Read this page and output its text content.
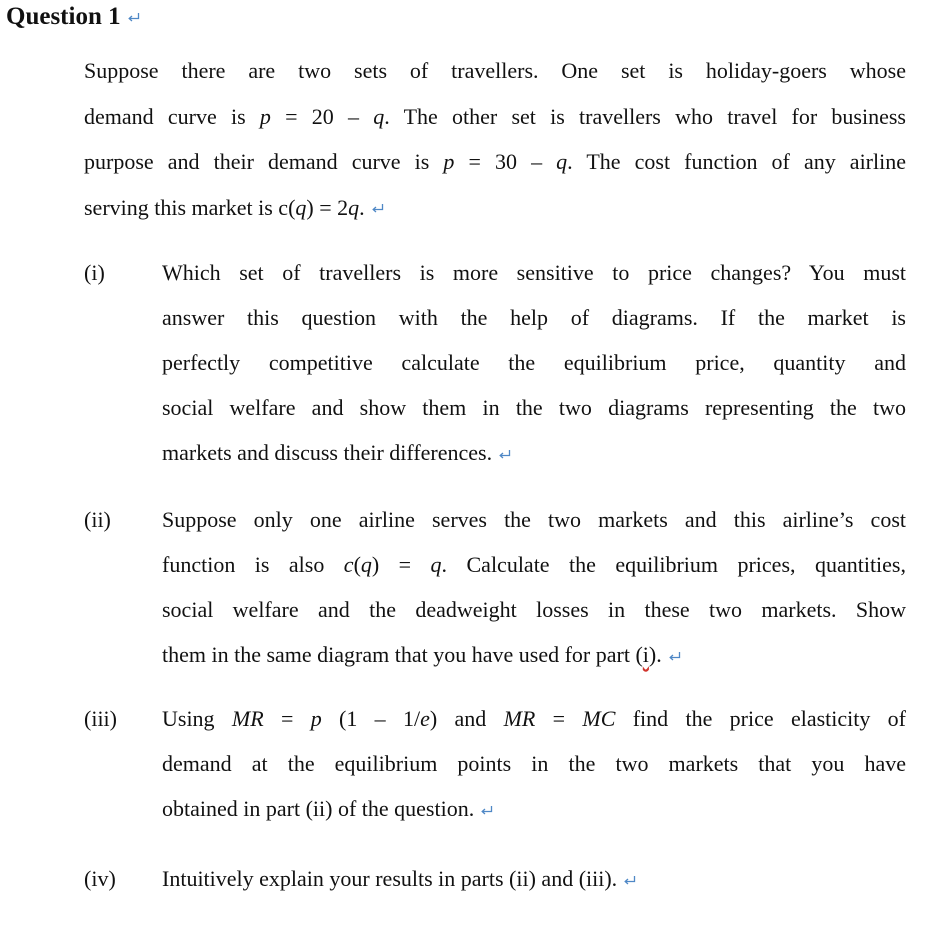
Question 1
Suppose there are two sets of travellers. One set is holiday-goers whose
demand curve is p = 20 – q. The other set is travellers who travel for business
purpose and their demand curve is p = 30 – q. The cost function of any airline
serving this market is c(q) = 2q.
(i)	Which set of travellers is more sensitive to price changes? You must
answer this question with the help of diagrams. If the market is
perfectly competitive calculate the equilibrium price, quantity and
social welfare and show them in the two diagrams representing the two
markets and discuss their differences.
(ii) Suppose only one airline serves the two markets and this airline’s cost
function is also c(q) = q. Calculate the equilibrium prices, quantities,
social welfare and the deadweight losses in these two markets. Show
them in the same diagram that you have used for part (i).
(iii) Using MR = p (1 – 1/e) and MR = MC find the price elasticity of
demand at the equilibrium points in the two markets that you have
obtained in part (ii) of the question.
(iv) Intuitively explain your results in parts (ii) and (iii).
